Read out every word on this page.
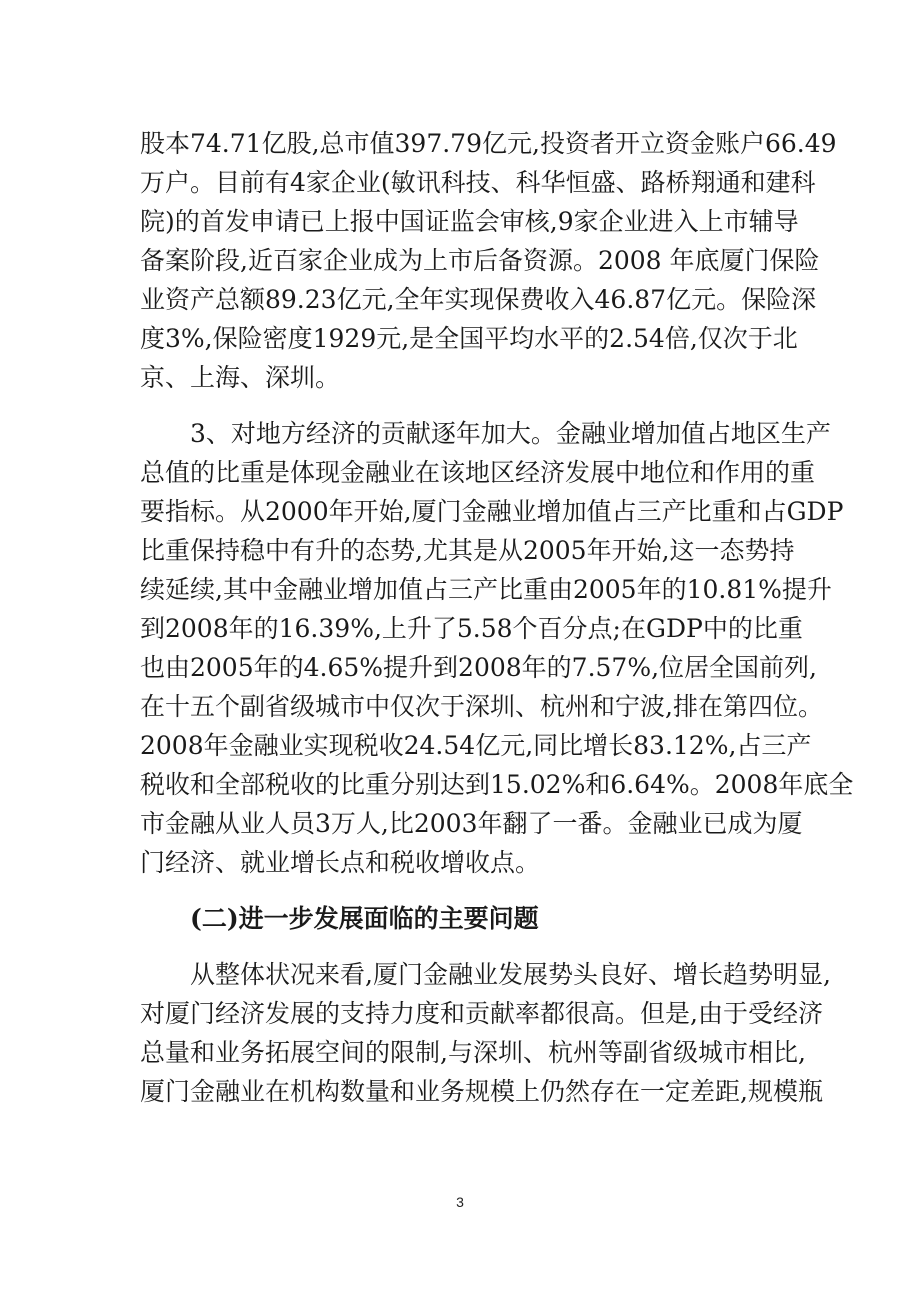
股本74.71亿股,总市值397.79亿元,投资者开立资金账户66.49
万户。目前有4家企业(敏讯科技、科华恒盛、路桥翔通和建科
院)的首发申请已上报中国证监会审核,9家企业进入上市辅导
备案阶段,近百家企业成为上市后备资源。2008 年底厦门保险
业资产总额89.23亿元,全年实现保费收入46.87亿元。保险深
度3%,保险密度1929元,是全国平均水平的2.54倍,仅次于北
京、上海、深圳。
3、对地方经济的贡献逐年加大。金融业增加值占地区生产
总值的比重是体现金融业在该地区经济发展中地位和作用的重
要指标。从2000年开始,厦门金融业增加值占三产比重和占GDP
比重保持稳中有升的态势,尤其是从2005年开始,这一态势持
续延续,其中金融业增加值占三产比重由2005年的10.81%提升
到2008年的16.39%,上升了5.58个百分点;在GDP中的比重
也由2005年的4.65%提升到2008年的7.57%,位居全国前列,
在十五个副省级城市中仅次于深圳、杭州和宁波,排在第四位。
2008年金融业实现税收24.54亿元,同比增长83.12%,占三产
税收和全部税收的比重分别达到15.02%和6.64%。2008年底全
市金融从业人员3万人,比2003年翻了一番。金融业已成为厦
门经济、就业增长点和税收增收点。
(二)进一步发展面临的主要问题
从整体状况来看,厦门金融业发展势头良好、增长趋势明显,
对厦门经济发展的支持力度和贡献率都很高。但是,由于受经济
总量和业务拓展空间的限制,与深圳、杭州等副省级城市相比,
厦门金融业在机构数量和业务规模上仍然存在一定差距,规模瓶
3
